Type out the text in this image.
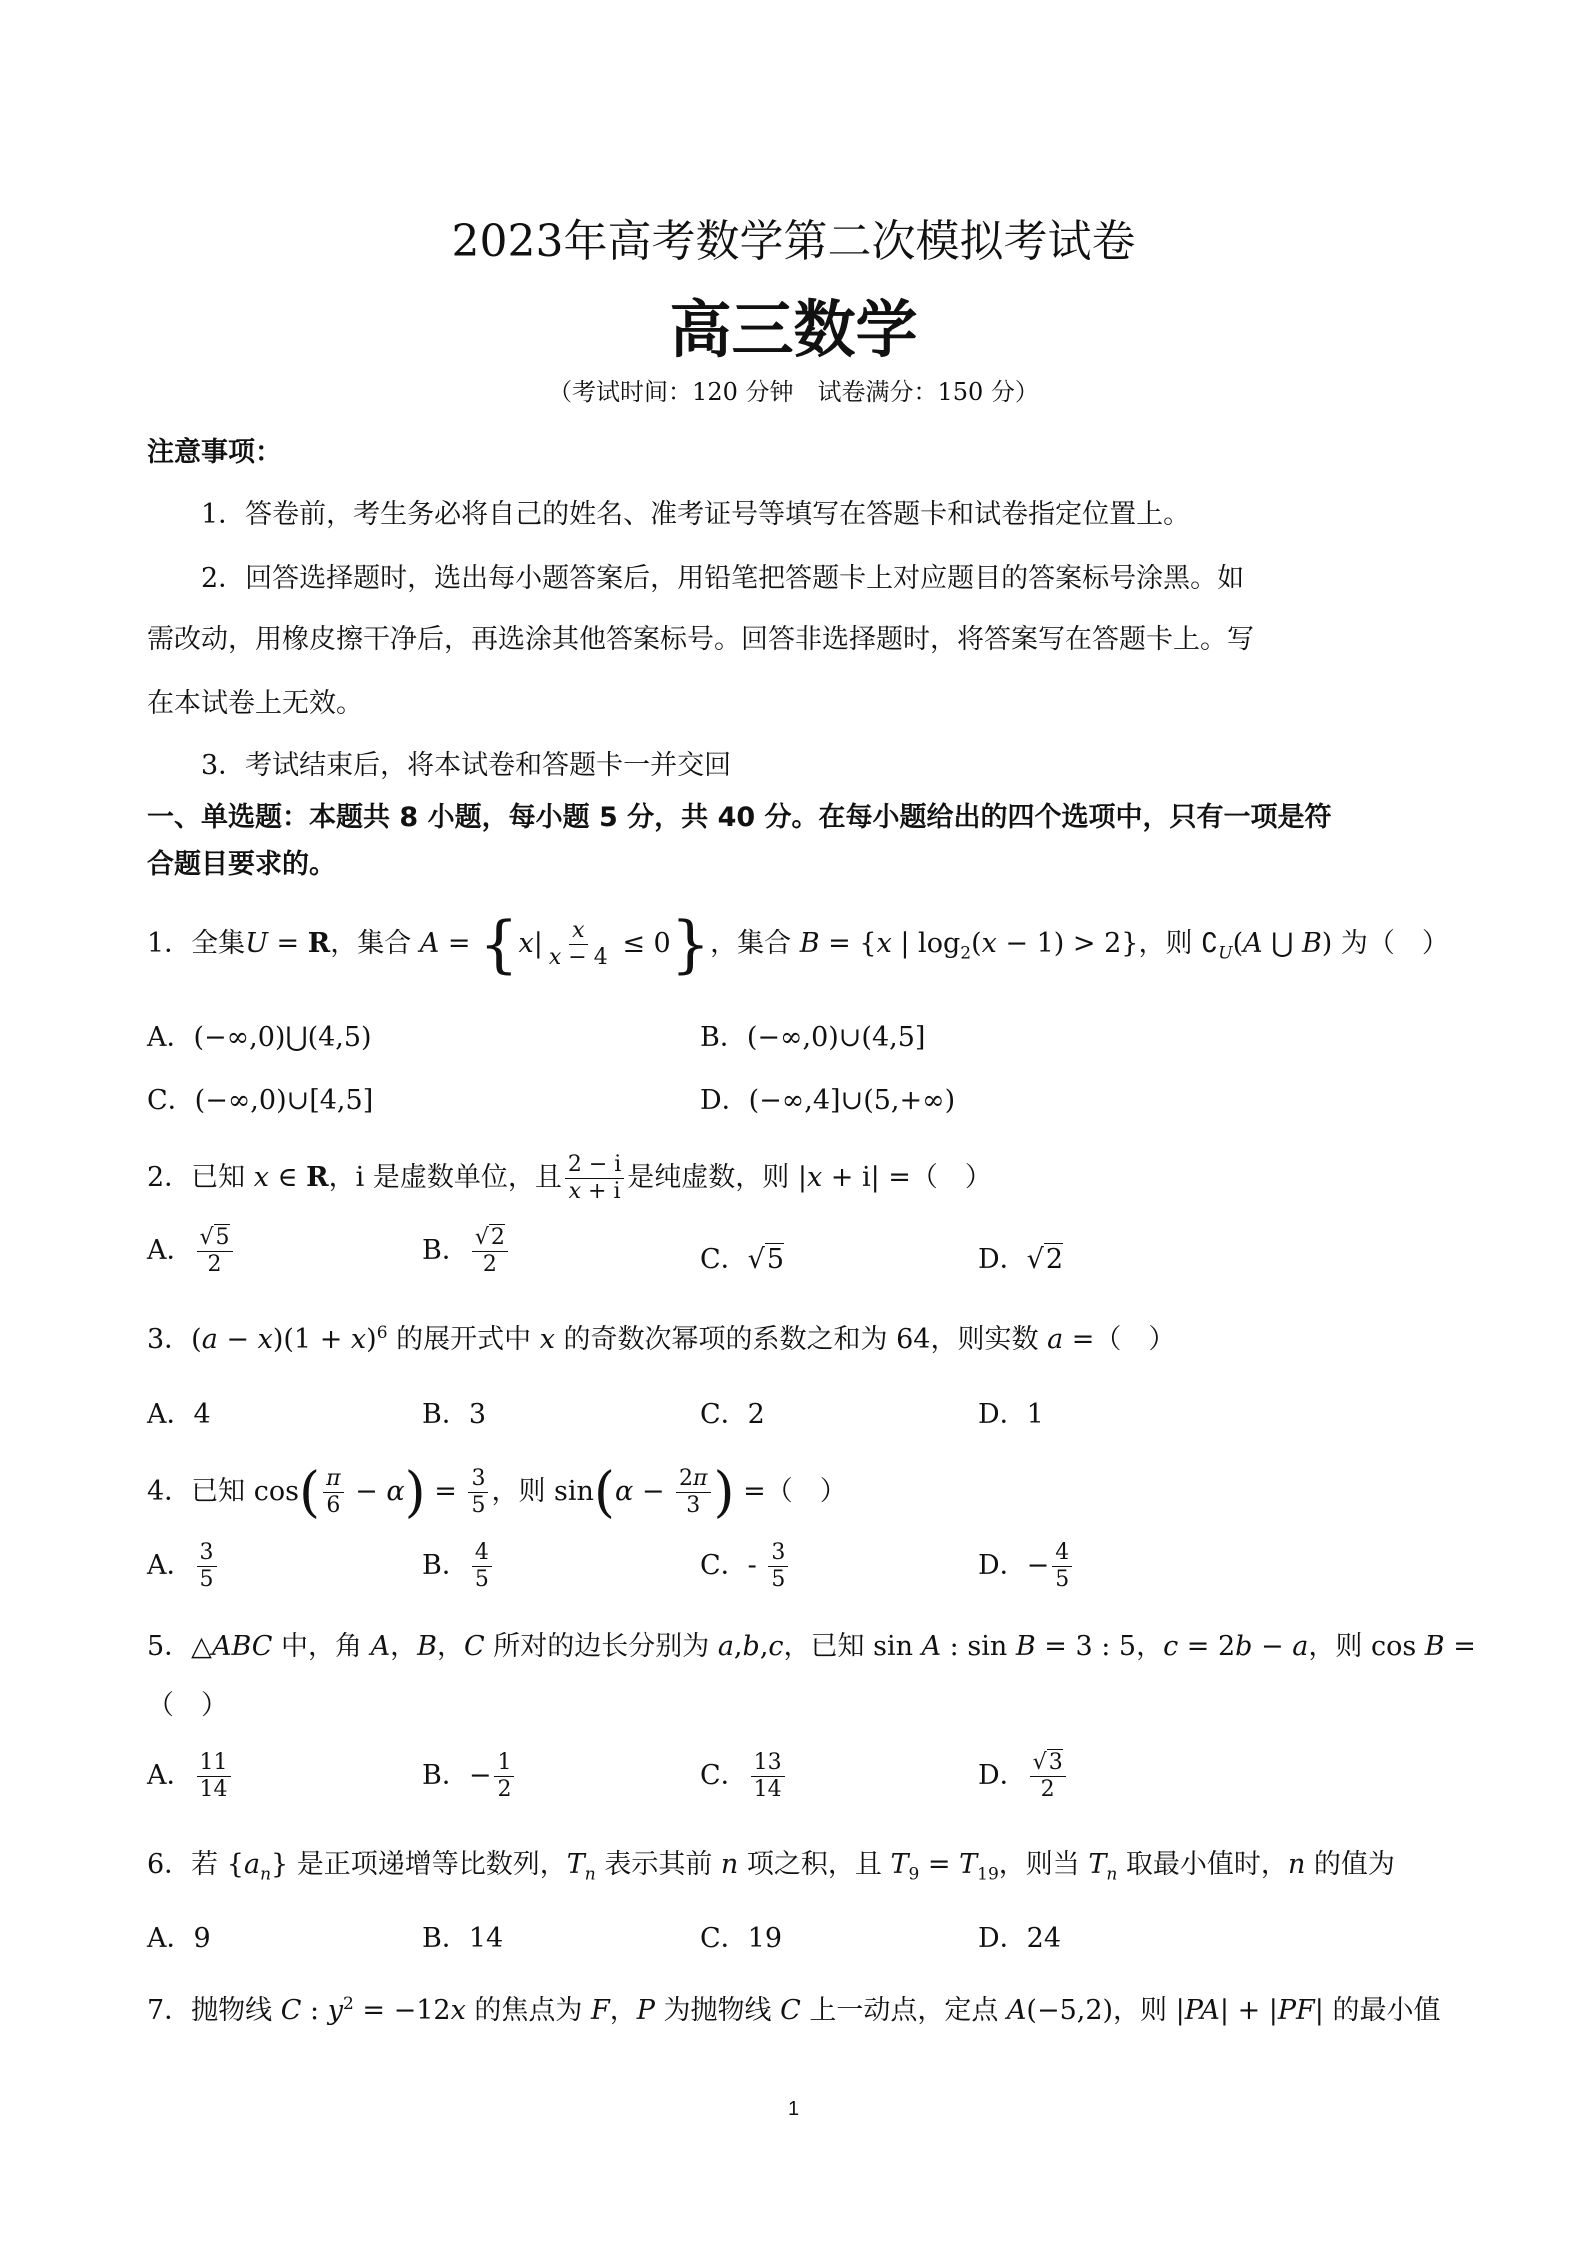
2023年高考数学第二次模拟考试卷
高三数学
（考试时间：120 分钟　试卷满分：150 分）
注意事项：
1．答卷前，考生务必将自己的姓名、准考证号等填写在答题卡和试卷指定位置上。
2．回答选择题时，选出每小题答案后，用铅笔把答题卡上对应题目的答案标号涂黑。如
需改动，用橡皮擦干净后，再选涂其他答案标号。回答非选择题时，将答案写在答题卡上。写
在本试卷上无效。
3．考试结束后，将本试卷和答题卡一并交回
一、单选题：本题共 8 小题，每小题 5 分，共 40 分。在每小题给出的四个选项中，只有一项是符
合题目要求的。
1．全集U = R，集合 $A = \{x| \frac{x}{x - 4} \le 0\}$，集合 B = {x | $\log_2(x - 1) > 2$}，则 $∁_U(A$ ⋃ B) 为（　）
A．(−∞,0)⋃(4,5)	B．(−∞,0)∪(4,5]
C．(−∞,0)∪[4,5]	D．(−∞,4]∪(5,+∞)
2．已知 x ∈ R，i 是虚数单位，且 $\frac{2 - i}{x + i}$ 是纯虚数，则 |x + i| =（　）
A． $\frac{√5}{2}$	B． $\frac{√2}{2}$	C．√5	D．√2
3．$(a - x)(1 + x)^6$ 的展开式中 x 的奇数次幂项的系数之和为 64，则实数 a =（　）
A．4	B．3	C．2	D．1
4．已知 $\cos( \frac{\pi}{6} - \alpha) = \frac{3}{5}$ ，则 $\sin(\alpha - \frac{2\pi}{3}$ ) =（　）
A． $\frac{3}{5}$	B． $\frac{4}{5}$	C．- $\frac{3}{5}$	D．− $\frac{4}{5}$
5．△ABC 中，角 A，B，C 所对的边长分别为 a,b,c，已知 sin A : sin B = 3 : 5，c = 2b − a，则 cos B =
（　）
A． $\frac{11}{14}$	B．− $\frac{1}{2}$	C． $\frac{13}{14}$	D． $\frac{√3}{2}$
6．若 $\{a_n\}$ 是正项递增等比数列，$T_n$ 表示其前 n 项之积，且 $T_9 = T_{19}$，则当 $T_n$ 取最小值时，n 的值为
A．9	B．14	C．19	D．24
7．抛物线 C : $y^2 = -12x$ 的焦点为 F，P 为抛物线 C 上一动点，定点 A(−5,2)，则 |PA| + |PF| 的最小值
1
